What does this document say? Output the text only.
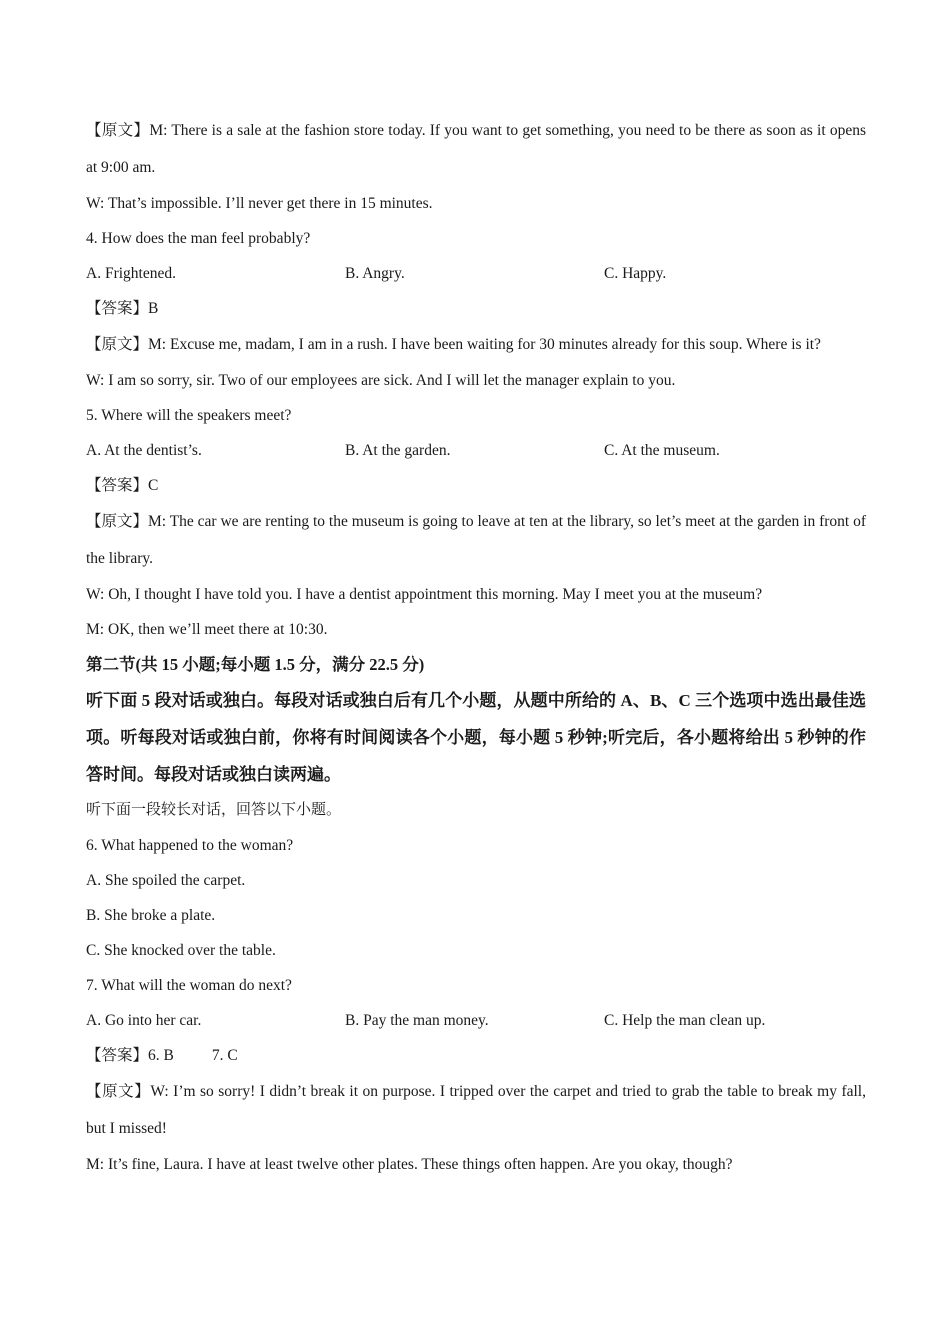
【原文】M: There is a sale at the fashion store today. If you want to get something, you need to be there as soon as it opens at 9:00 am.
W: That’s impossible. I’ll never get there in 15 minutes.
4. How does the man feel probably?
A. Frightened.	B. Angry.	C. Happy.
【答案】B
【原文】M: Excuse me, madam, I am in a rush. I have been waiting for 30 minutes already for this soup. Where is it?
W: I am so sorry, sir. Two of our employees are sick. And I will let the manager explain to you.
5. Where will the speakers meet?
A. At the dentist’s.	B. At the garden.	C. At the museum.
【答案】C
【原文】M: The car we are renting to the museum is going to leave at ten at the library, so let’s meet at the garden in front of the library.
W: Oh, I thought I have told you. I have a dentist appointment this morning. May I meet you at the museum?
M: OK, then we’ll meet there at 10:30.
第二节(共 15 小题;每小题 1.5 分，满分 22.5 分)
听下面 5 段对话或独白。每段对话或独白后有几个小题，从题中所给的 A、B、C 三个选项中选出最佳选项。听每段对话或独白前，你将有时间阅读各个小题，每小题 5 秒钟;听完后，各小题将给出 5 秒钟的作答时间。每段对话或独白读两遍。
听下面一段较长对话，回答以下小题。
6. What happened to the woman?
A. She spoiled the carpet.
B. She broke a plate.
C. She knocked over the table.
7. What will the woman do next?
A. Go into her car.	B. Pay the man money.	C. Help the man clean up.
【答案】6. B 7. C
【原文】W: I’m so sorry! I didn’t break it on purpose. I tripped over the carpet and tried to grab the table to break my fall, but I missed!
M: It’s fine, Laura. I have at least twelve other plates. These things often happen. Are you okay, though?
